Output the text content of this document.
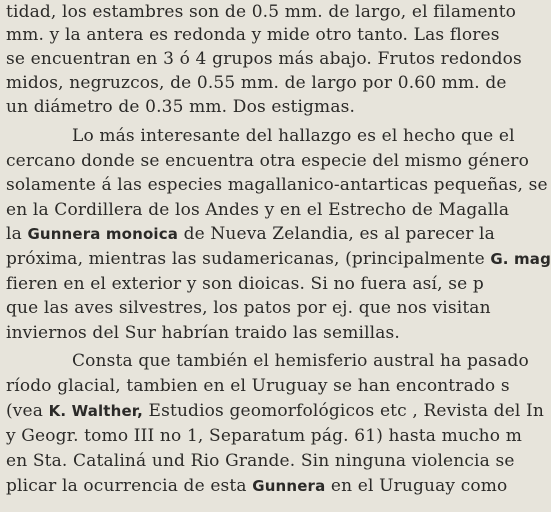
tidad, los estambres son de 0.5 mm. de largo, el filamento
mm. y la antera es redonda y mide otro tanto. Las flores
se encuentran en 3 ó 4 grupos más abajo. Frutos redondos
midos, negruzcos, de 0.55 mm. de largo por 0.60 mm. de
un diámetro de 0.35 mm. Dos estigmas.
Lo más interesante del hallazgo es el hecho que el
cercano donde se encuentra otra especie del mismo género
solamente á las especies magallanico-antarticas pequeñas, se
en la Cordillera de los Andes y en el Estrecho de Magalla
la Gunnera monoica de Nueva Zelandia, es al parecer la
próxima, mientras las sudamericanas, (principalmente G. mag
fieren en el exterior y son dioicas. Si no fuera así, se p
que las aves silvestres, los patos por ej. que nos visitan
inviernos del Sur habrían traido las semillas.
Consta que también el hemisferio austral ha pasado
ríodo glacial, tambien en el Uruguay se han encontrado s
(vea K. Walther, Estudios geomorfológicos etc , Revista del In
y Geogr. tomo III no 1, Separatum pág. 61) hasta mucho m
en Sta. Cataliná und Rio Grande. Sin ninguna violencia se
plicar la ocurrencia de esta Gunnera en el Uruguay como
